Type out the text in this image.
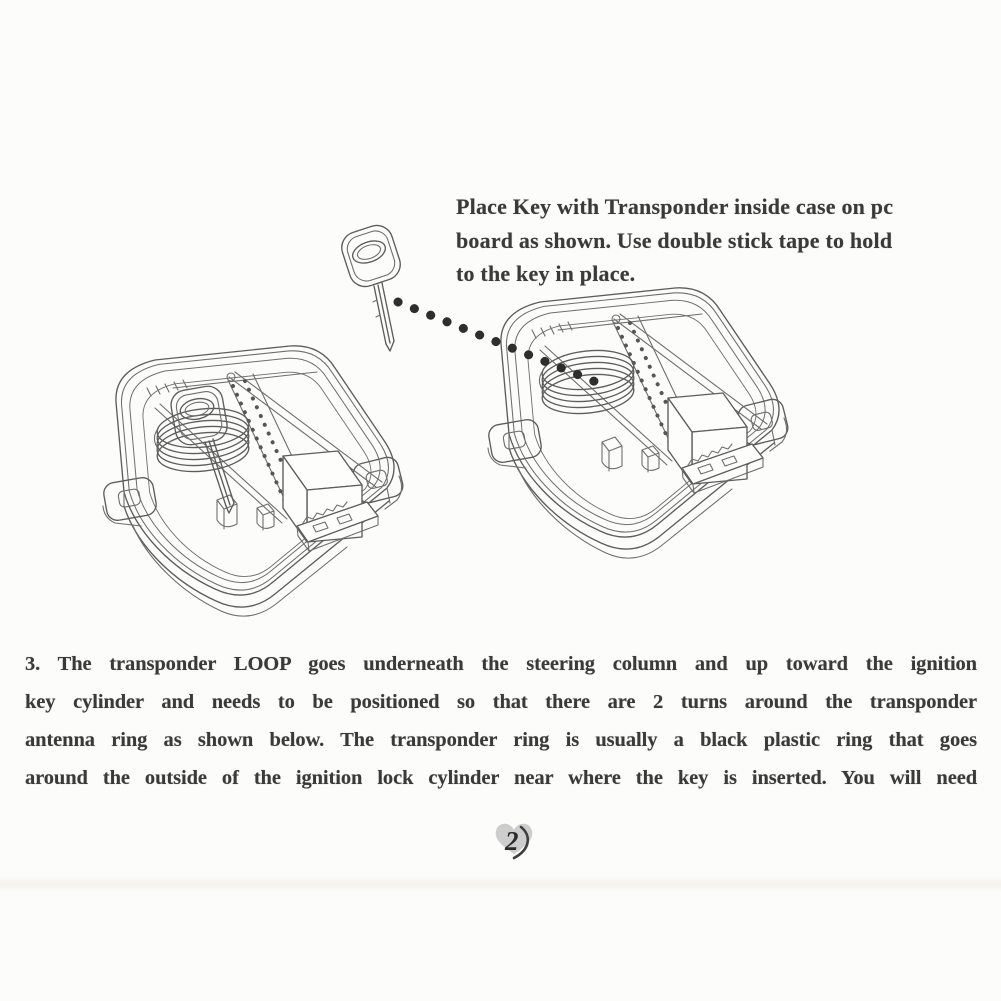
Place Key with Transponder inside case on pc
board as shown. Use double stick tape to hold
to the key in place.
3. The transponder LOOP goes underneath the steering column and up toward the ignition
key cylinder and needs to be positioned so that there are 2 turns around the transponder
antenna ring as shown below. The transponder ring is usually a black plastic ring that goes
around the outside of the ignition lock cylinder near where the key is inserted. You will need
2
